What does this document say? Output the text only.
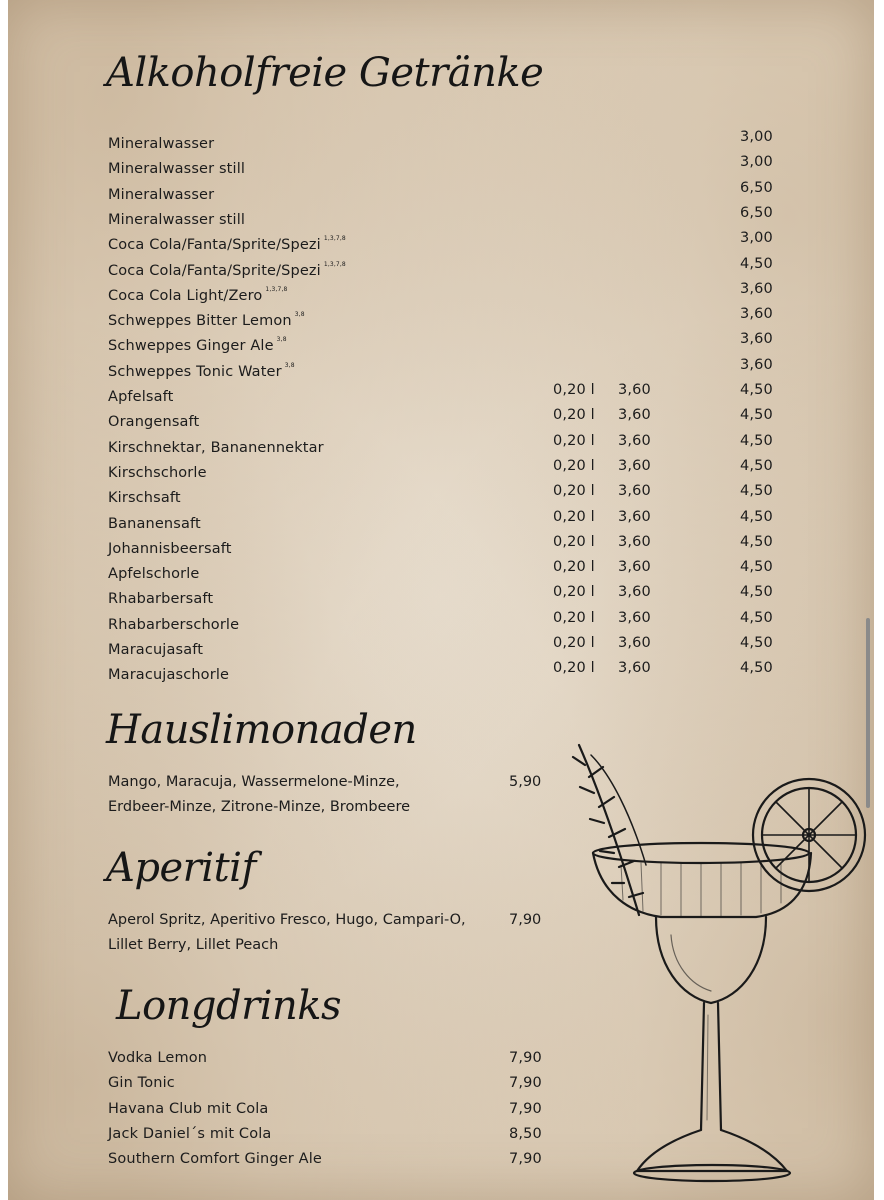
Alkoholfreie Getränke
Mineralwasser	3,00
Mineralwasser still	3,00
Mineralwasser	6,50
Mineralwasser still	6,50
Coca Cola/Fanta/Sprite/Spezi $^{1,3,7,8}$	3,00
Coca Cola/Fanta/Sprite/Spezi $^{1,3,7,8}$	4,50
Coca Cola Light/Zero $^{1,3,7,8}$	3,60
Schweppes Bitter Lemon $^{3,8}$	3,60
Schweppes Ginger Ale $^{3,8}$	3,60
Schweppes Tonic Water $^{3,8}$	3,60
Apfelsaft	0,20 l 3,60	4,50
Orangensaft	0,20 l 3,60	4,50
Kirschnektar, Bananennektar	0,20 l 3,60	4,50
Kirschschorle	0,20 l 3,60	4,50
Kirschsaft	0,20 l 3,60	4,50
Bananensaft	0,20 l 3,60	4,50
Johannisbeersaft	0,20 l 3,60	4,50
Apfelschorle	0,20 l 3,60	4,50
Rhabarbersaft	0,20 l 3,60	4,50
Rhabarberschorle	0,20 l 3,60	4,50
Maracujasaft	0,20 l 3,60	4,50
Maracujaschorle	0,20 l 3,60	4,50
Hauslimonaden
Mango, Maracuja, Wassermelone-Minze,
Erdbeer-Minze, Zitrone-Minze, Brombeere
5,90
Aperitif
Aperol Spritz, Aperitivo Fresco, Hugo, Campari-O,
Lillet Berry, Lillet Peach
7,90
Longdrinks
Vodka Lemon	7,90
Gin Tonic	7,90
Havana Club mit Cola	7,90
Jack Daniel´s mit Cola	8,50
Southern Comfort Ginger Ale	7,90
